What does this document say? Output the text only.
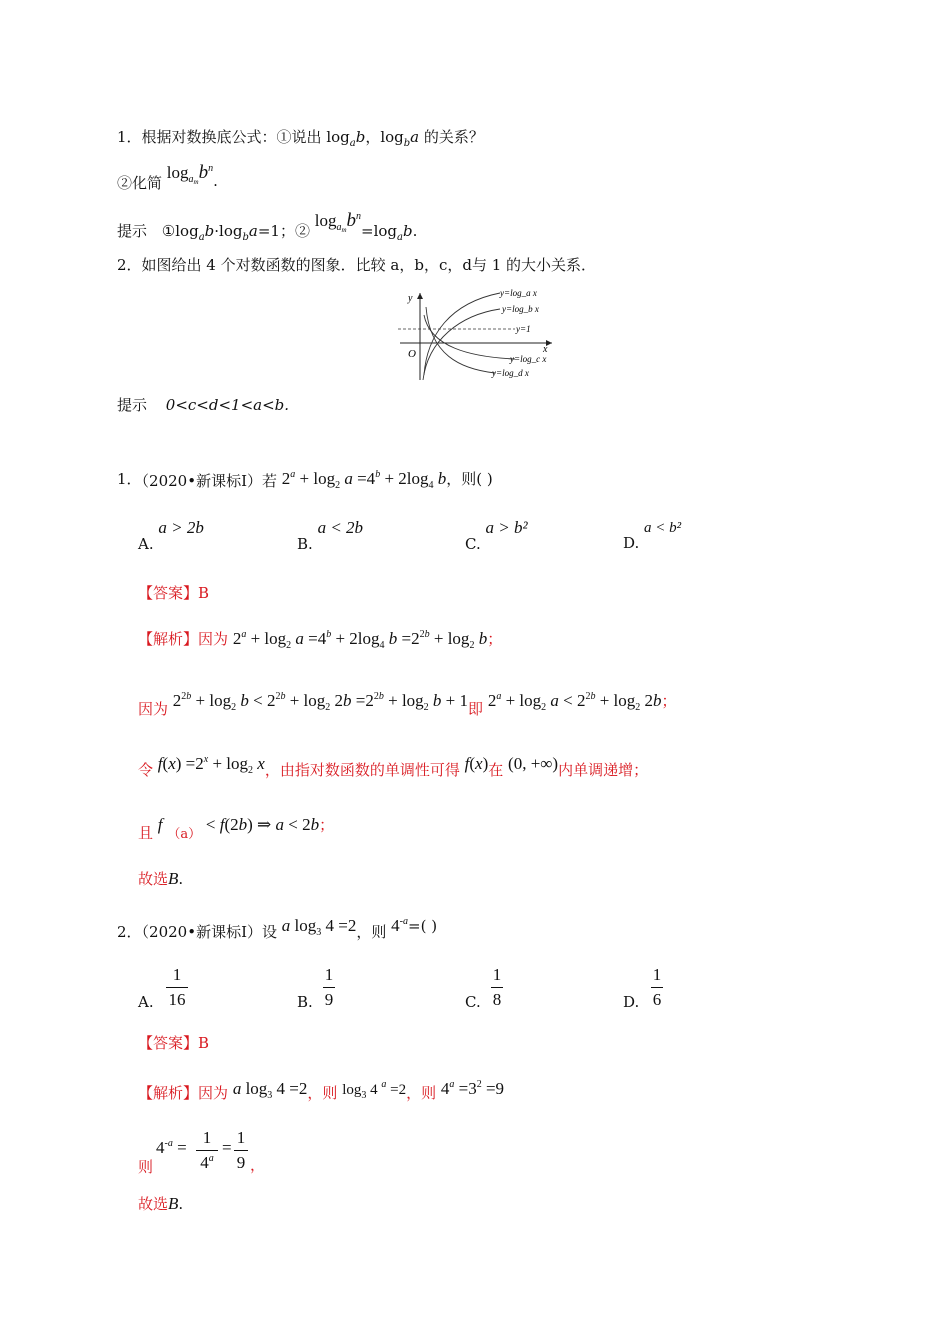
1．根据对数换底公式：①说出 $\log_ab$，$\log_ba$ 的关系？
②化简 $\log_{a_m}b^n$.
提示 $①\log_ab\cdot\log_ba=1$；② $\log_{a_m}b^n=\log_ab$.
2．如图给出 4 个对数函数的图象．比较 a，b，c，d与 1 的大小关系．
y
x
O
y=log_a x
y=log_b x
y=1
y=log_c x
y=log_d x
提示 0<c<d<1<a<b.
1．（2020•新课标Ⅰ）若 $2^a + \log_2 a =4^b + 2\log_4$ b，则( )
A. a > 2b
B. a < 2b
C. a > b²
D. a < b²
【答案】B
【解析】因为 $2^a + \log_2 a =4^b + 2\log_4$ $b =2^{2b} + \log_2 b$；
因为 $2^{2b} + \log_2 b < 2^{2b} + \log_2 2b =2^{2b} + \log_2 b + 1$即 $2^a + \log_2 a < 2^{2b} + \log_2 2b$；
令 $f(x) =2^x + \log_2 x$，由指对数函数的单调性可得 f(x)在 (0, +∞)内单调递增；
且 f （a） < f(2b) ⇒ a < 2b；
故选B.
2．（2020•新课标Ⅰ）设 a $\log_3 4 =2$，则 $4^{-a}=$( )
A.
1
16	B.
1
9	C.
1
8	D.
1
6
【答案】B
【解析】因为 a $\log_3 4 =2$，则 $\log_3 4$ $^a$ =2，则 $4^a =3^2 =9$
则
$4^{-a}$ =
1
$4^a$
=
1
9 ，
故选B.
